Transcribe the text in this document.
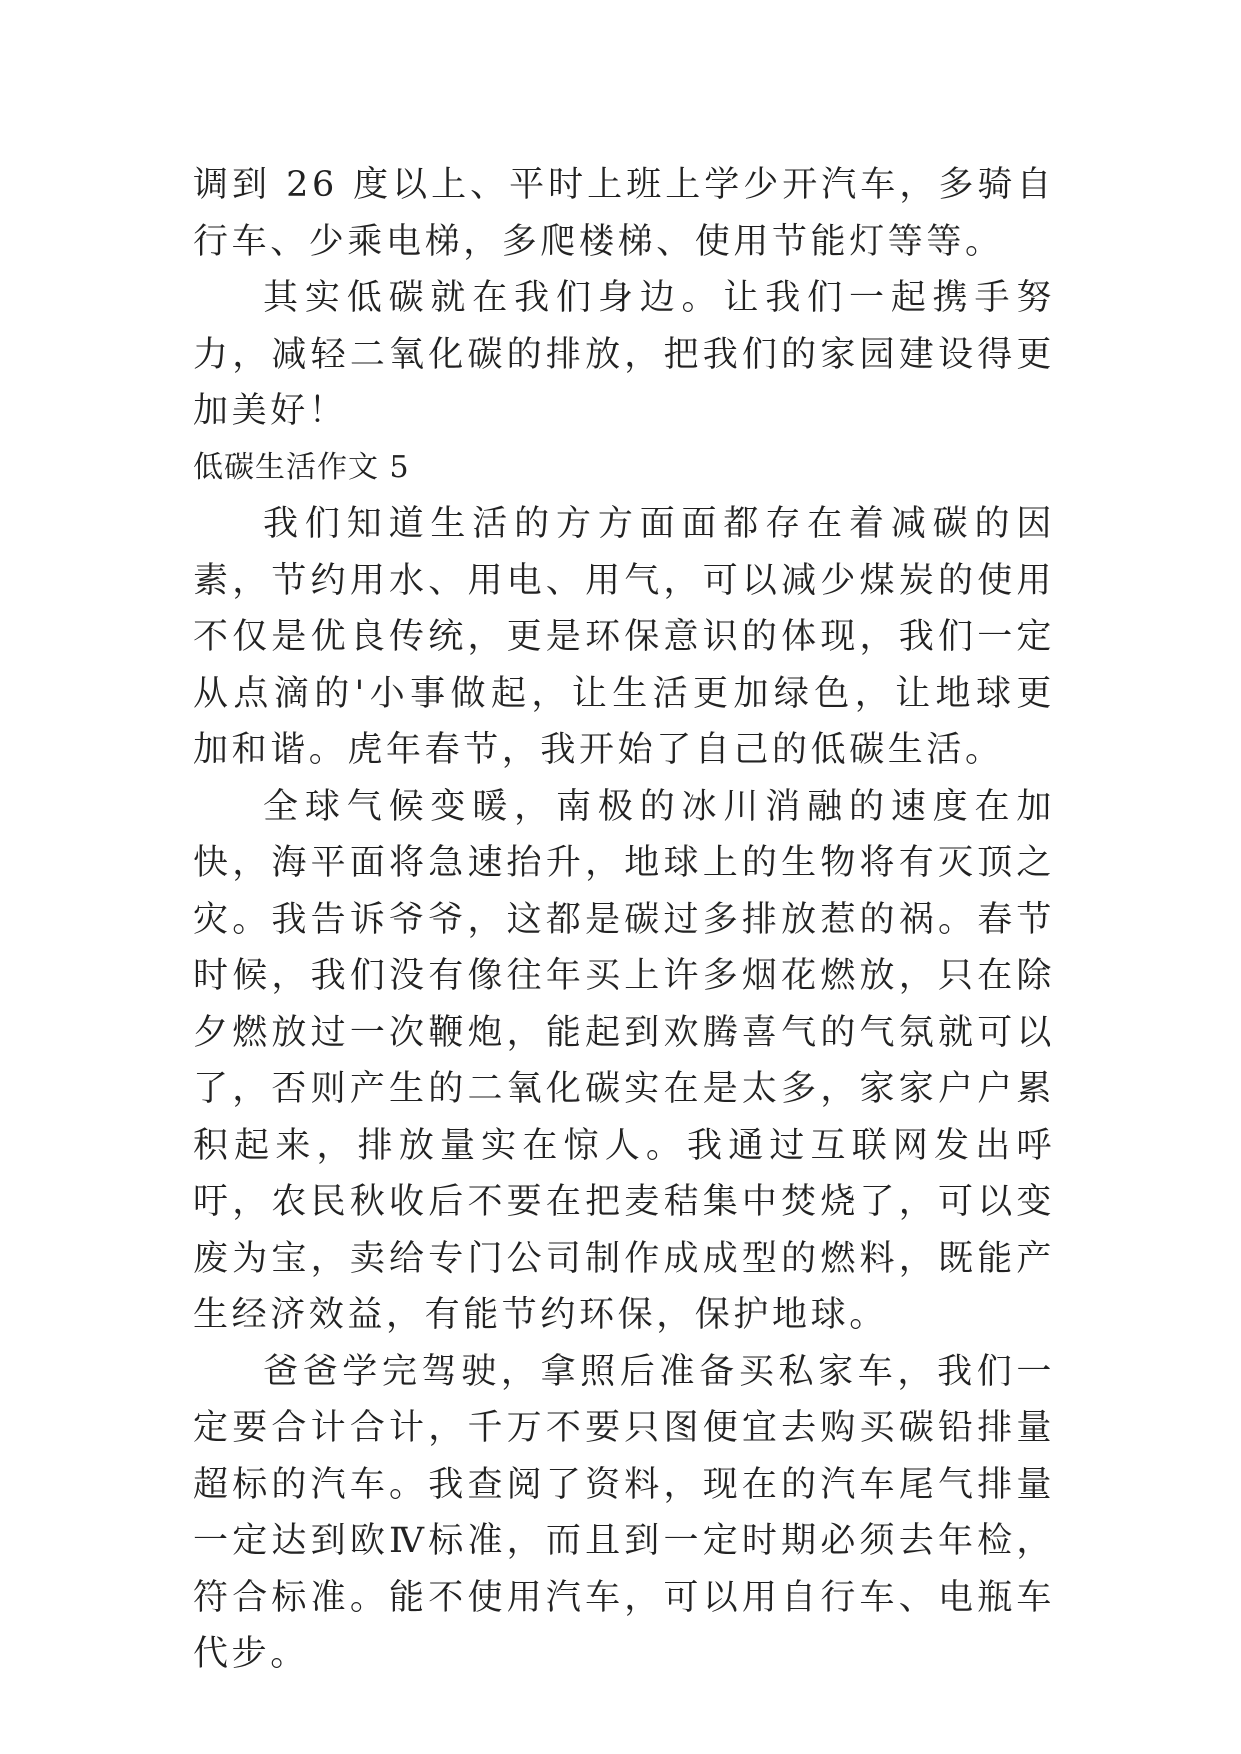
调到 26 度以上、平时上班上学少开汽车，多骑自行车、少乘电梯，多爬楼梯、使用节能灯等等。

其实低碳就在我们身边。让我们一起携手努力，减轻二氧化碳的排放，把我们的家园建设得更加美好！

低碳生活作文 5

我们知道生活的方方面面都存在着减碳的因素，节约用水、用电、用气，可以减少煤炭的使用不仅是优良传统，更是环保意识的体现，我们一定从点滴的'小事做起，让生活更加绿色，让地球更加和谐。虎年春节，我开始了自己的低碳生活。

全球气候变暖，南极的冰川消融的速度在加快，海平面将急速抬升，地球上的生物将有灭顶之灾。我告诉爷爷，这都是碳过多排放惹的祸。春节时候，我们没有像往年买上许多烟花燃放，只在除夕燃放过一次鞭炮，能起到欢腾喜气的气氛就可以了，否则产生的二氧化碳实在是太多，家家户户累积起来，排放量实在惊人。我通过互联网发出呼吁，农民秋收后不要在把麦秸集中焚烧了，可以变废为宝，卖给专门公司制作成成型的燃料，既能产生经济效益，有能节约环保，保护地球。

爸爸学完驾驶，拿照后准备买私家车，我们一定要合计合计，千万不要只图便宜去购买碳铅排量超标的汽车。我查阅了资料，现在的汽车尾气排量一定达到欧Ⅳ标准，而且到一定时期必须去年检，符合标准。能不使用汽车，可以用自行车、电瓶车代步。
